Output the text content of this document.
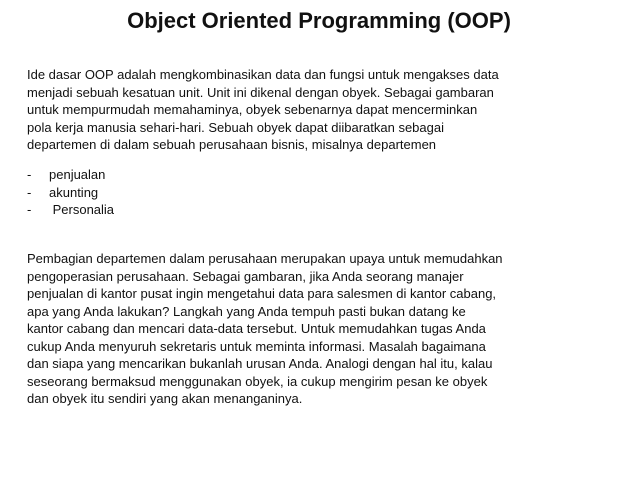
Object Oriented Programming (OOP)

Ide dasar OOP adalah mengkombinasikan data dan fungsi untuk mengakses data
menjadi sebuah kesatuan unit. Unit ini dikenal dengan obyek. Sebagai gambaran
untuk mempurmudah memahaminya, obyek sebenarnya dapat mencerminkan
pola kerja manusia sehari-hari. Sebuah obyek dapat diibaratkan sebagai
departemen di dalam sebuah perusahaan bisnis, misalnya departemen

- penjualan
- akunting
- Personalia

Pembagian departemen dalam perusahaan merupakan upaya untuk memudahkan
pengoperasian perusahaan. Sebagai gambaran, jika Anda seorang manajer
penjualan di kantor pusat ingin mengetahui data para salesmen di kantor cabang,
apa yang Anda lakukan? Langkah yang Anda tempuh pasti bukan datang ke
kantor cabang dan mencari data-data tersebut. Untuk memudahkan tugas Anda
cukup Anda menyuruh sekretaris untuk meminta informasi. Masalah bagaimana
dan siapa yang mencarikan bukanlah urusan Anda. Analogi dengan hal itu, kalau
seseorang bermaksud menggunakan obyek, ia cukup mengirim pesan ke obyek
dan obyek itu sendiri yang akan menanganinya.
